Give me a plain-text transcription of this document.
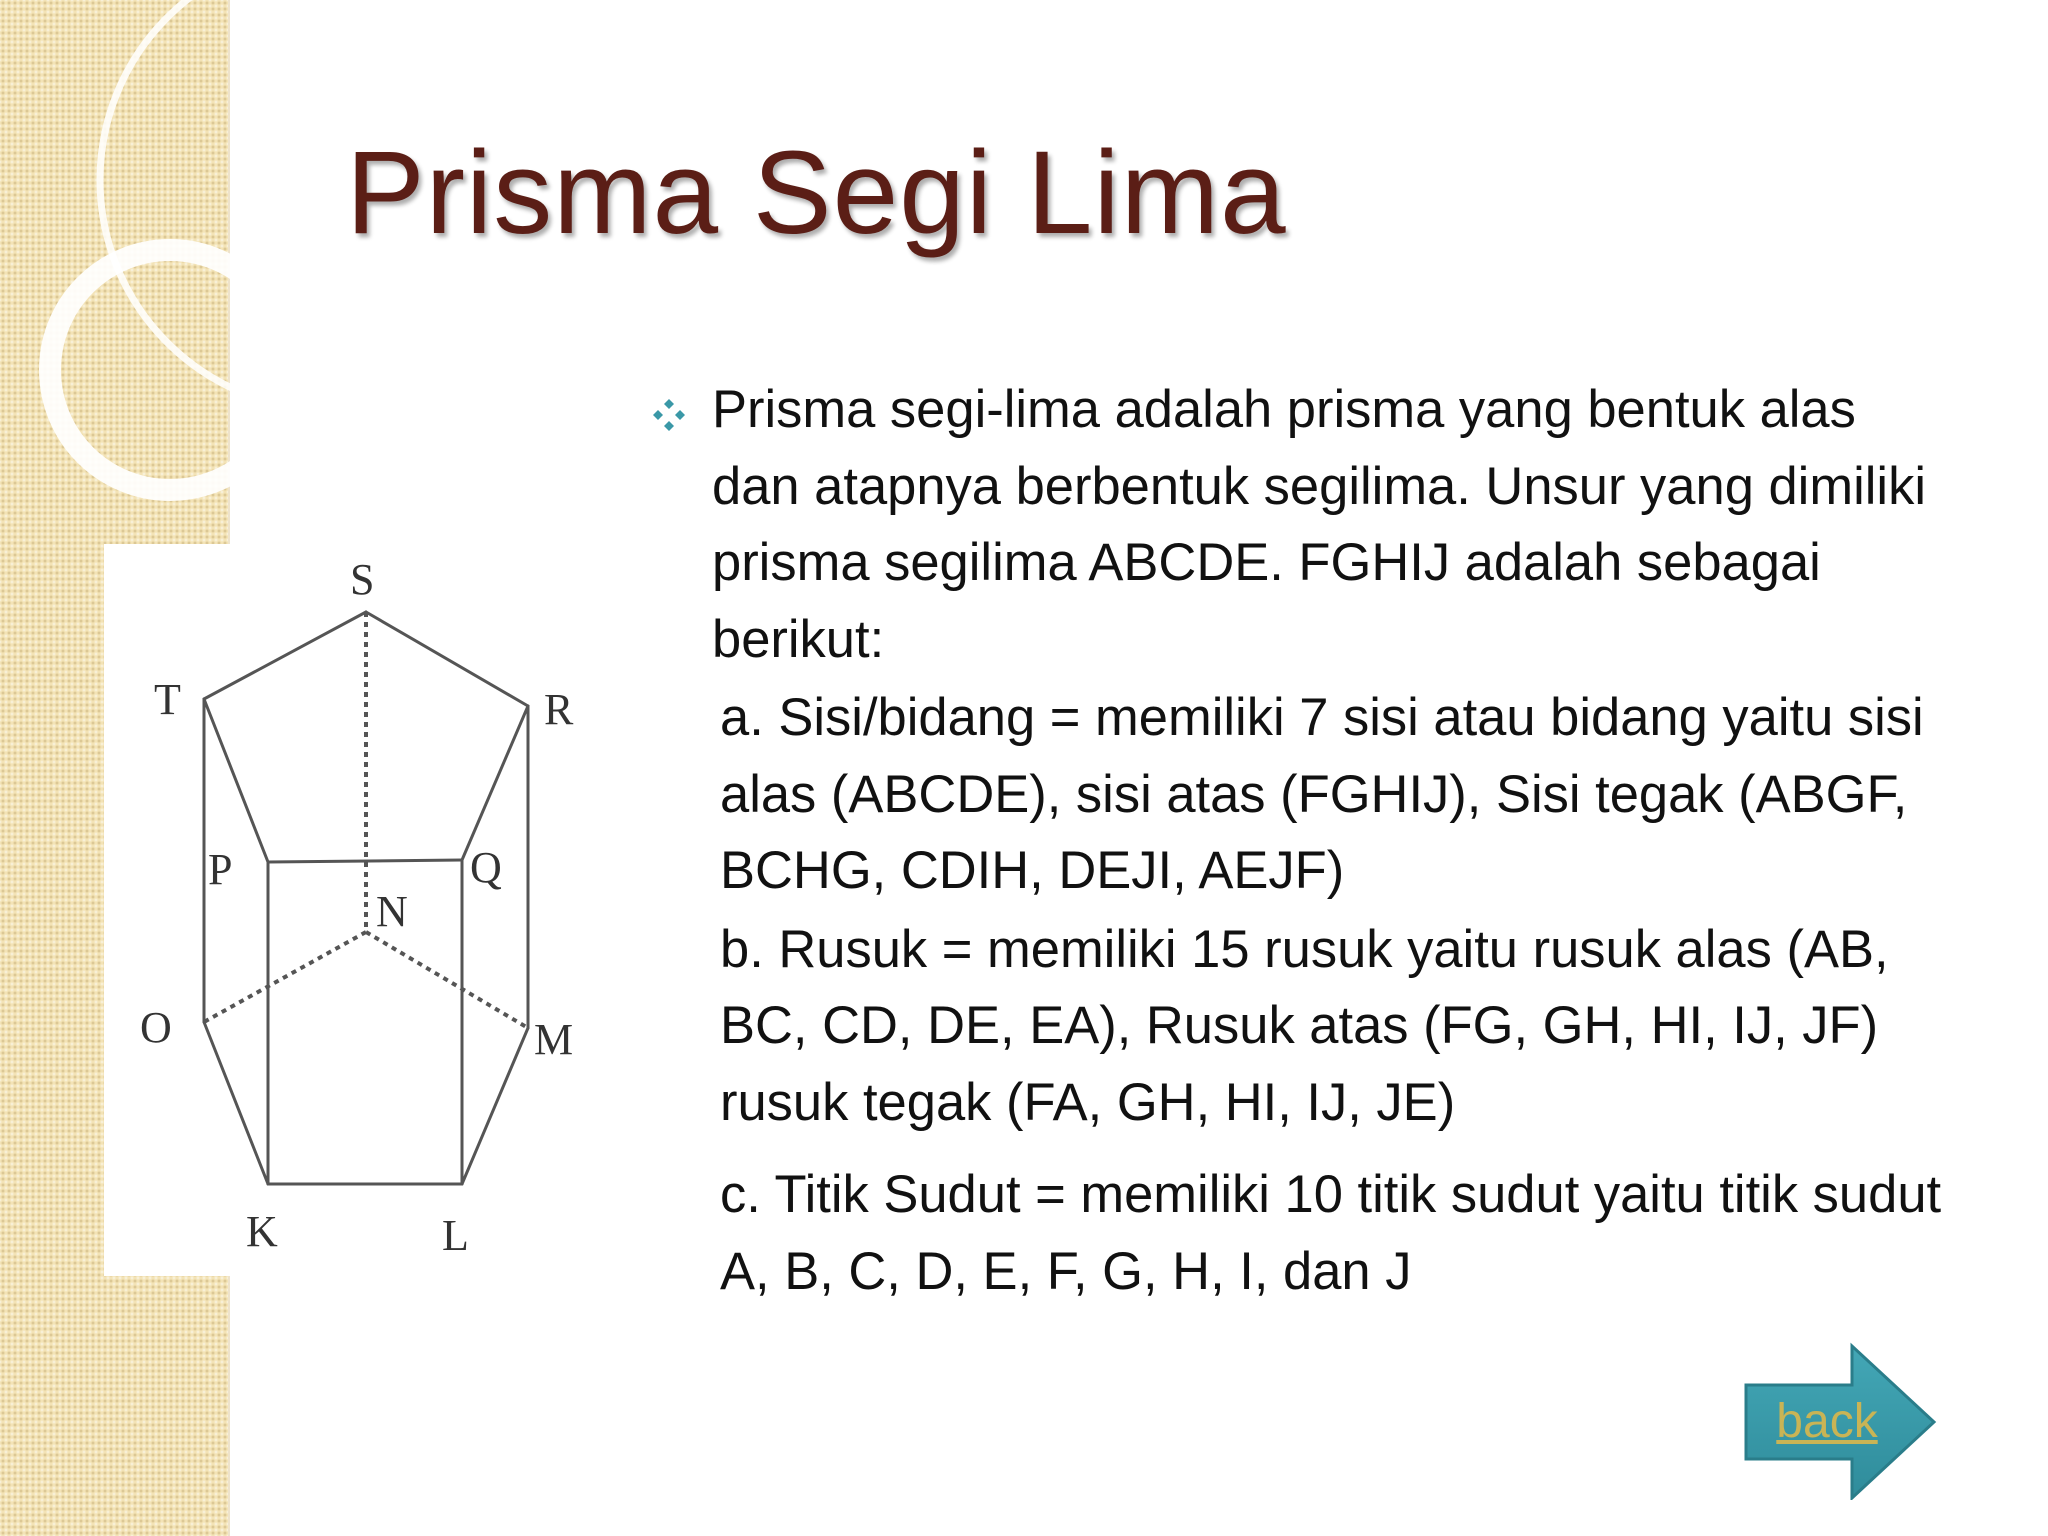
Prisma Segi Lima
S
T	R
P	Q
N
O	M
K	L

Prisma segi-lima adalah prisma yang bentuk alas dan atapnya berbentuk segilima. Unsur yang dimiliki prisma segilima ABCDE. FGHIJ adalah sebagai berikut:

a. Sisi/bidang = memiliki 7 sisi atau bidang yaitu sisi alas (ABCDE), sisi atas (FGHIJ), Sisi tegak (ABGF, BCHG, CDIH, DEJI, AEJF)

b. Rusuk = memiliki 15 rusuk yaitu rusuk alas (AB, BC, CD, DE, EA), Rusuk atas (FG, GH, HI, IJ, JF) rusuk tegak (FA, GH, HI, IJ, JE)

c. Titik Sudut = memiliki 10 titik sudut yaitu titik sudut A, B, C, D, E, F, G, H, I, dan J

back
